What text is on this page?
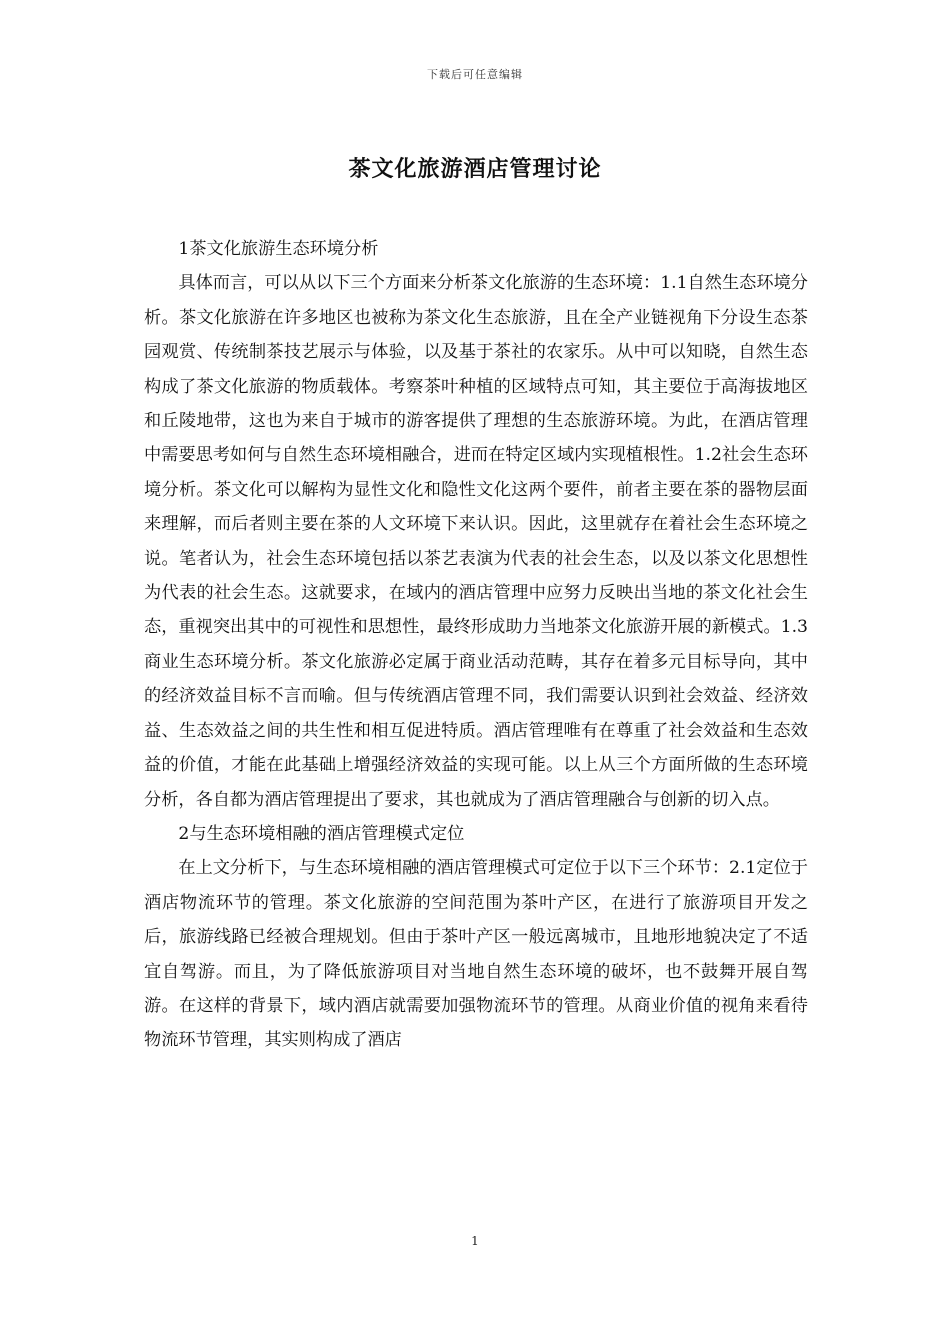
下载后可任意编辑
茶文化旅游酒店管理讨论

1茶文化旅游生态环境分析

具体而言，可以从以下三个方面来分析茶文化旅游的生态环境：1.1自然生态环境分析。茶文化旅游在许多地区也被称为茶文化生态旅游，且在全产业链视角下分设生态茶园观赏、传统制茶技艺展示与体验，以及基于茶社的农家乐。从中可以知晓，自然生态构成了茶文化旅游的物质载体。考察茶叶种植的区域特点可知，其主要位于高海拔地区和丘陵地带，这也为来自于城市的游客提供了理想的生态旅游环境。为此，在酒店管理中需要思考如何与自然生态环境相融合，进而在特定区域内实现植根性。1.2社会生态环境分析。茶文化可以解构为显性文化和隐性文化这两个要件，前者主要在茶的器物层面来理解，而后者则主要在茶的人文环境下来认识。因此，这里就存在着社会生态环境之说。笔者认为，社会生态环境包括以茶艺表演为代表的社会生态，以及以茶文化思想性为代表的社会生态。这就要求，在域内的酒店管理中应努力反映出当地的茶文化社会生态，重视突出其中的可视性和思想性，最终形成助力当地茶文化旅游开展的新模式。1.3商业生态环境分析。茶文化旅游必定属于商业活动范畴，其存在着多元目标导向，其中的经济效益目标不言而喻。但与传统酒店管理不同，我们需要认识到社会效益、经济效益、生态效益之间的共生性和相互促进特质。酒店管理唯有在尊重了社会效益和生态效益的价值，才能在此基础上增强经济效益的实现可能。以上从三个方面所做的生态环境分析，各自都为酒店管理提出了要求，其也就成为了酒店管理融合与创新的切入点。

2与生态环境相融的酒店管理模式定位

在上文分析下，与生态环境相融的酒店管理模式可定位于以下三个环节：2.1定位于酒店物流环节的管理。茶文化旅游的空间范围为茶叶产区，在进行了旅游项目开发之后，旅游线路已经被合理规划。但由于茶叶产区一般远离城市，且地形地貌决定了不适宜自驾游。而且，为了降低旅游项目对当地自然生态环境的破坏，也不鼓舞开展自驾游。在这样的背景下，域内酒店就需要加强物流环节的管理。从商业价值的视角来看待物流环节管理，其实则构成了酒店

1
